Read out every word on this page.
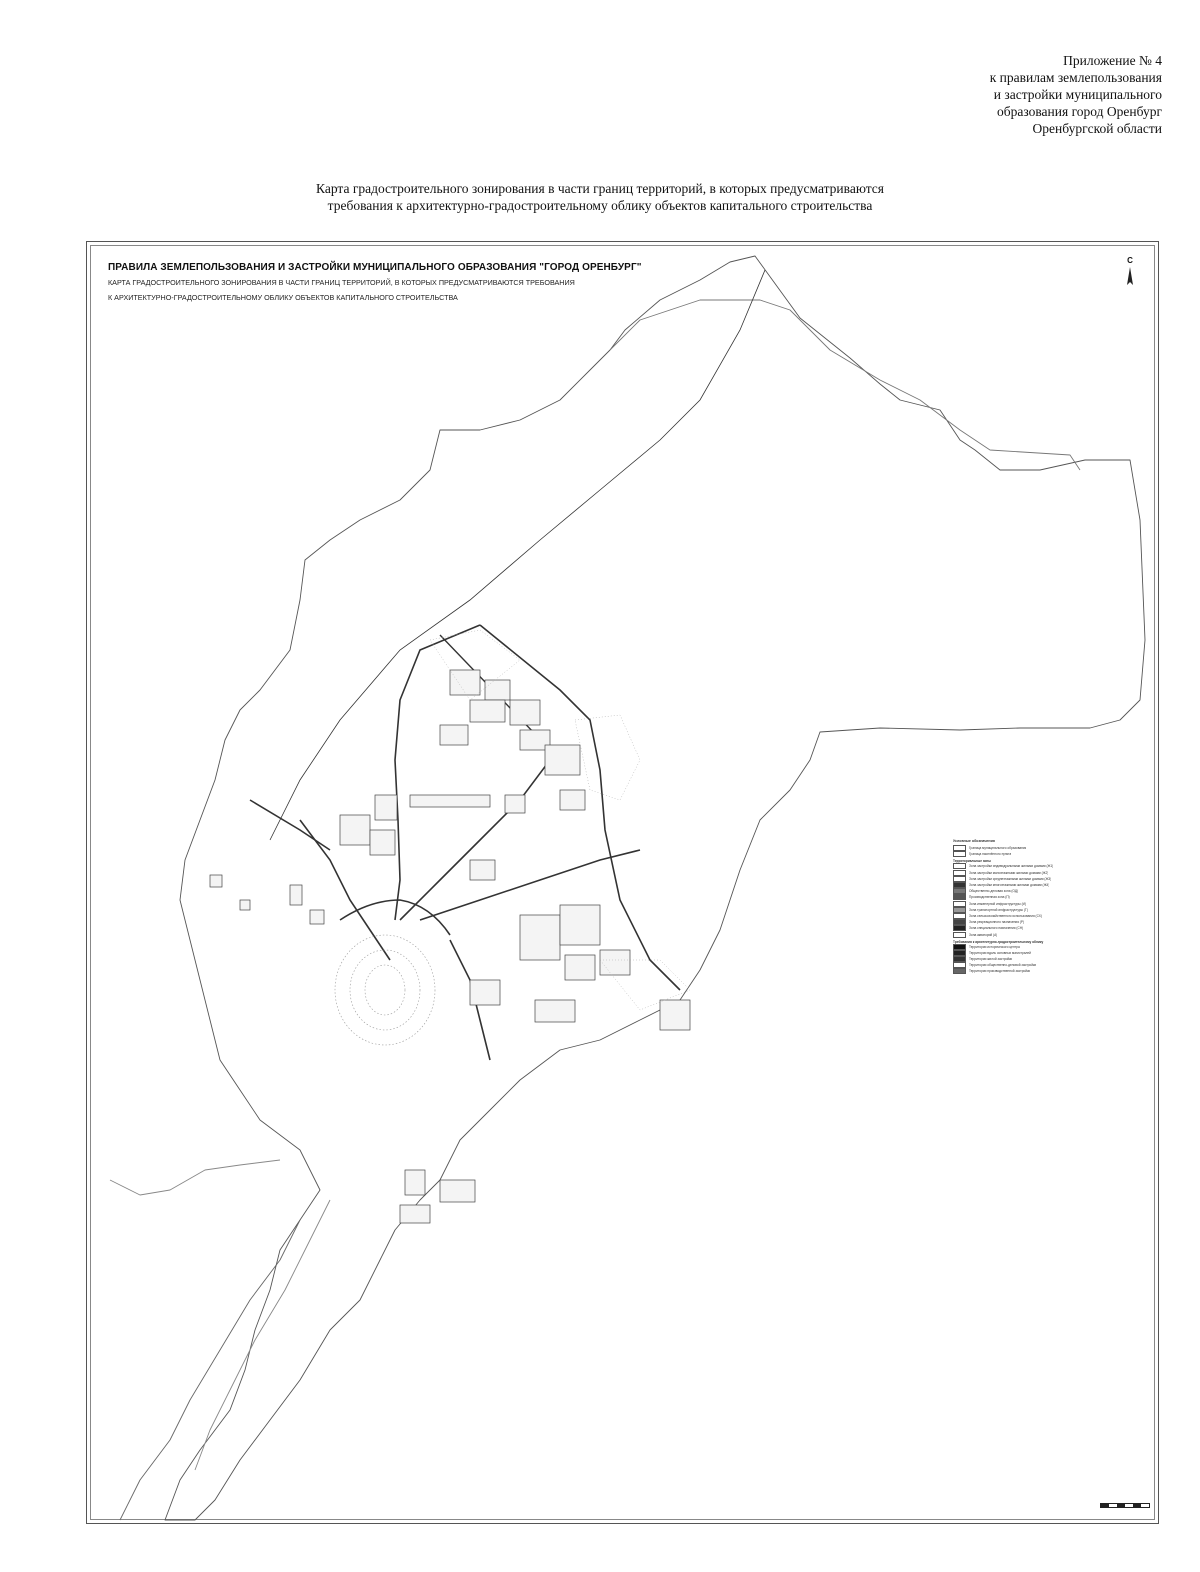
Приложение № 4
к правилам землепользования
и застройки муниципального
образования город Оренбург
Оренбургской области
Карта градостроительного зонирования в части границ территорий, в которых предусматриваются
требования к архитектурно-градостроительному облику объектов капитального строительства
ПРАВИЛА ЗЕМЛЕПОЛЬЗОВАНИЯ И ЗАСТРОЙКИ МУНИЦИПАЛЬНОГО ОБРАЗОВАНИЯ "ГОРОД ОРЕНБУРГ"
КАРТА ГРАДОСТРОИТЕЛЬНОГО ЗОНИРОВАНИЯ В ЧАСТИ ГРАНИЦ ТЕРРИТОРИЙ, В КОТОРЫХ ПРЕДУСМАТРИВАЮТСЯ ТРЕБОВАНИЯ
К АРХИТЕКТУРНО-ГРАДОСТРОИТЕЛЬНОМУ ОБЛИКУ ОБЪЕКТОВ КАПИТАЛЬНОГО СТРОИТЕЛЬСТВА
С
Условные обозначения
Граница муниципального образования
Граница населённого пункта
Территориальные зоны
Зона застройки индивидуальными жилыми домами (Ж1)
Зона застройки малоэтажными жилыми домами (Ж2)
Зона застройки среднеэтажными жилыми домами (Ж3)
Зона застройки многоэтажными жилыми домами (Ж4)
Общественно-деловая зона (ОД)
Производственная зона (П)
Зона инженерной инфраструктуры (И)
Зона транспортной инфраструктуры (Т)
Зона сельскохозяйственного использования (СХ)
Зона рекреационного назначения (Р)
Зона специального назначения (СН)
Зона акваторий (А)
Требования к архитектурно-градостроительному облику
Территории исторического центра
Территории вдоль основных магистралей
Территории жилой застройки
Территории общественно-деловой застройки
Территории производственной застройки
